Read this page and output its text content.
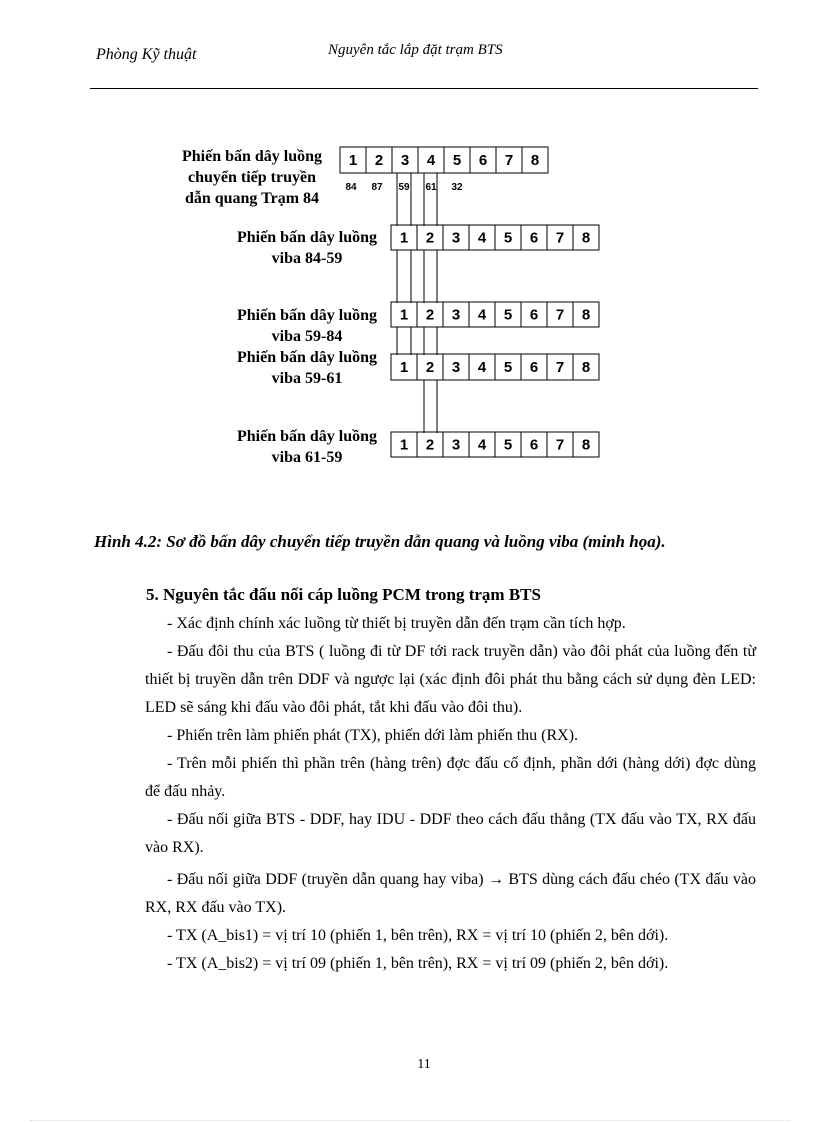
Phòng Kỹ thuật	Nguyên tắc lắp đặt trạm BTS
Phiến bấn dây luồng
chuyển tiếp truyền
dẫn quang Trạm 84
Phiến bấn dây luồng
viba 84-59
Phiến bấn dây luồng
viba 59-84
Phiến bấn dây luồng
viba 59-61
Phiến bấn dây luồng
viba 61-59
1 2 3 4 5 6 7 8
1 2 3 4 5 6 7 8
1 2 3 4 5 6 7 8
1 2 3 4 5 6 7 8
1 2 3 4 5 6 7 8
84 87 59 61 32
Hình 4.2: Sơ đồ bấn dây chuyển tiếp truyền dẫn quang và luồng viba (minh họa).
5. Nguyên tắc đấu nối cáp luồng PCM trong trạm BTS

- Xác định chính xác luồng từ thiết bị truyền dẫn đến trạm cần tích hợp.

- Đấu đôi thu của BTS ( luồng đi từ DF tới rack truyền dẫn) vào đôi phát của luồng đến từ thiết bị truyền dẫn trên DDF và ngược lại (xác định đôi phát thu bằng cách sử dụng đèn LED: LED sẽ sáng khi đấu vào đôi phát, tắt khi đấu vào đôi thu).

- Phiến trên làm phiến phát (TX), phiến dới làm phiến thu (RX).

- Trên mỗi phiến thì phần trên (hàng trên) đợc đấu cố định, phần dới (hàng dới) đợc dùng để đấu nhảy.

- Đấu nối giữa BTS - DDF, hay IDU - DDF theo cách đấu thẳng (TX đấu vào TX, RX đấu vào RX).

- Đấu nối giữa DDF (truyền dẫn quang hay viba) → BTS dùng cách đấu chéo (TX đấu vào RX, RX đấu vào TX).

- TX (A_bis1) = vị trí 10 (phiến 1, bên trên), RX = vị trí 10 (phiến 2, bên dới).

- TX (A_bis2) = vị trí 09 (phiến 1, bên trên), RX = vị trí 09 (phiến 2, bên dới).

11
